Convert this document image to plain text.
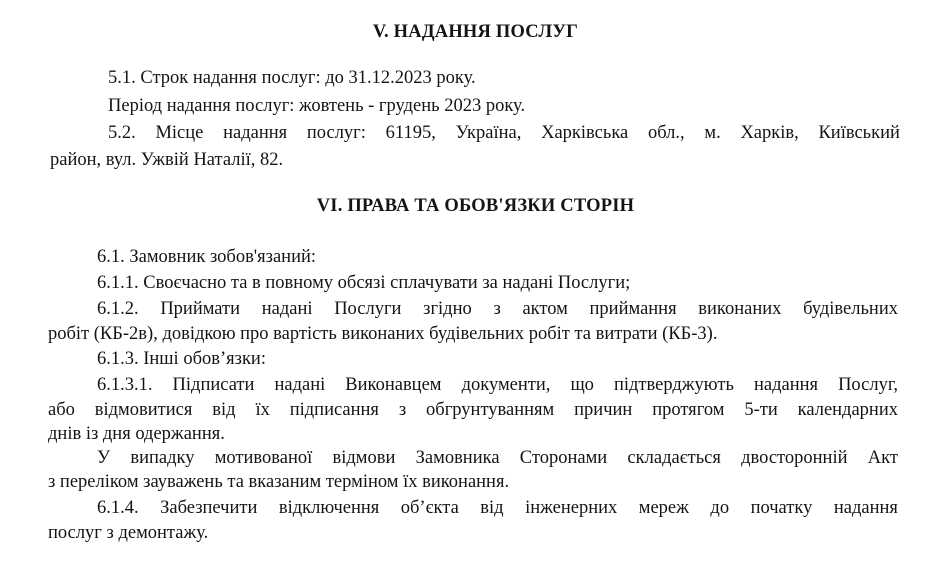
V. НАДАННЯ ПОСЛУГ
5.1. Строк надання послуг: до 31.12.2023 року.
Період надання послуг: жовтень - грудень 2023 року.
5.2. Місце надання послуг: 61195, Україна, Харківська обл., м. Харків, Київський
район, вул. Ужвій Наталії, 82.
VI. ПРАВА ТА ОБОВ'ЯЗКИ СТОРІН
6.1. Замовник зобов'язаний:
6.1.1. Своєчасно та в повному обсязі сплачувати за надані Послуги;
6.1.2. Приймати надані Послуги згідно з актом приймання виконаних будівельних
робіт (КБ-2в), довідкою про вартість виконаних будівельних робіт та витрати (КБ-3).
6.1.3. Інші обов’язки:
6.1.3.1. Підписати надані Виконавцем документи, що підтверджують надання Послуг,
або відмовитися від їх підписання з обгрунтуванням причин протягом 5-ти календарних
днів із дня одержання.
У випадку мотивованої відмови Замовника Сторонами складається двосторонній Акт
з переліком зауважень та вказаним терміном їх виконання.
6.1.4. Забезпечити відключення об’єкта від інженерних мереж до початку надання
послуг з демонтажу.
